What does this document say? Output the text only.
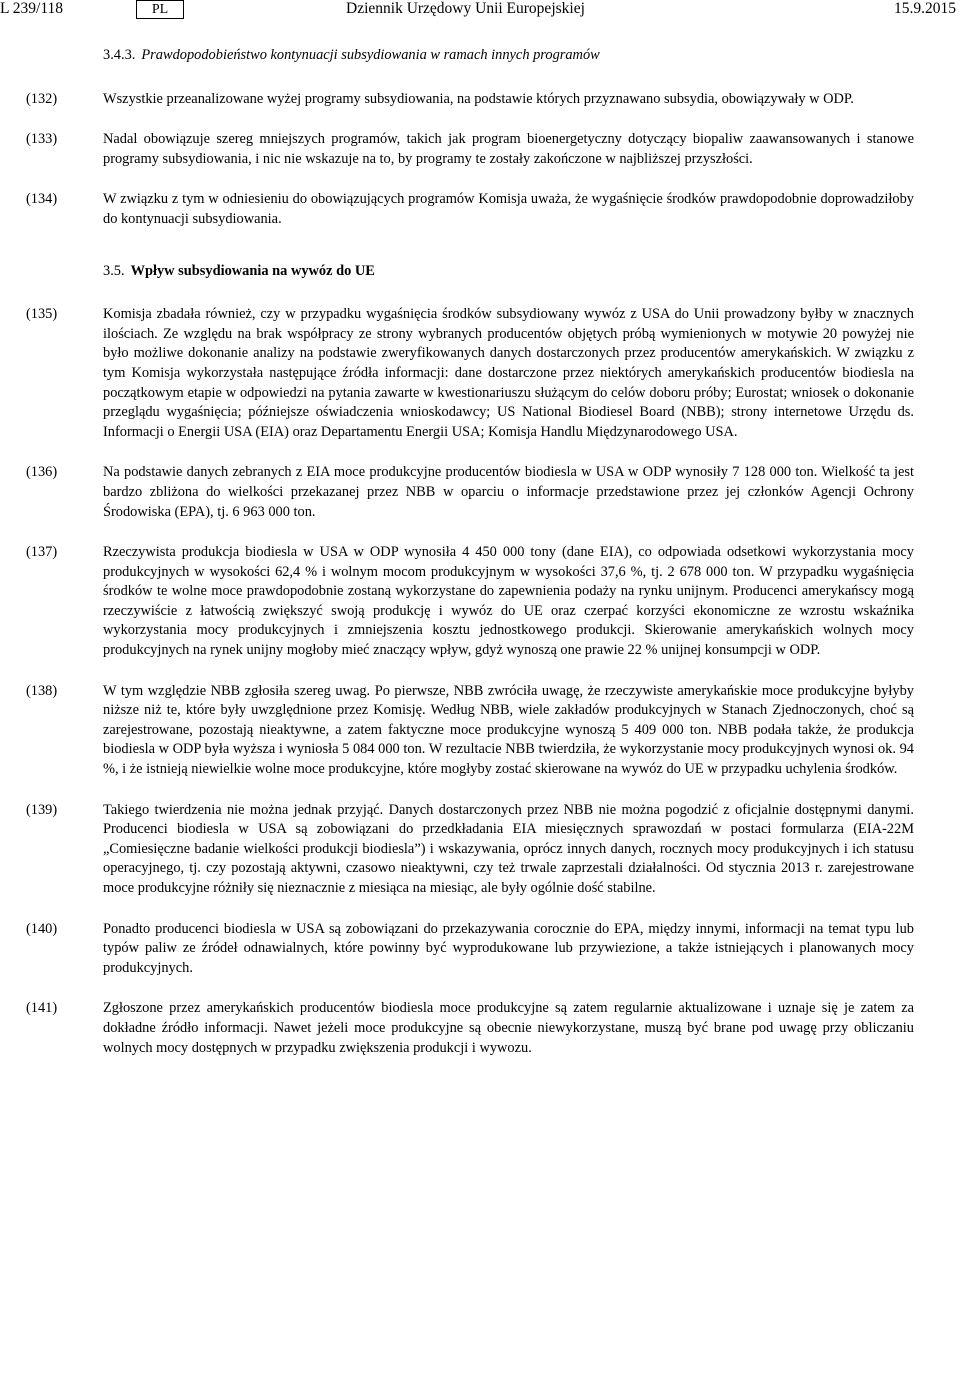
L 239/118	PL	Dziennik Urzędowy Unii Europejskiej	15.9.2015
3.4.3. Prawdopodobieństwo kontynuacji subsydiowania w ramach innych programów
(132)	Wszystkie przeanalizowane wyżej programy subsydiowania, na podstawie których przyznawano subsydia, obowiązywały w ODP.
(133)	Nadal obowiązuje szereg mniejszych programów, takich jak program bioenergetyczny dotyczący biopaliw zaawansowanych i stanowe programy subsydiowania, i nic nie wskazuje na to, by programy te zostały zakończone w najbliższej przyszłości.
(134)	W związku z tym w odniesieniu do obowiązujących programów Komisja uważa, że wygaśnięcie środków prawdopodobnie doprowadziłoby do kontynuacji subsydiowania.
3.5. Wpływ subsydiowania na wywóz do UE
(135)	Komisja zbadała również, czy w przypadku wygaśnięcia środków subsydiowany wywóz z USA do Unii prowadzony byłby w znacznych ilościach. Ze względu na brak współpracy ze strony wybranych producentów objętych próbą wymienionych w motywie 20 powyżej nie było możliwe dokonanie analizy na podstawie zweryfikowanych danych dostarczonych przez producentów amerykańskich. W związku z tym Komisja wykorzystała następujące źródła informacji: dane dostarczone przez niektórych amerykańskich producentów biodiesla na początkowym etapie w odpowiedzi na pytania zawarte w kwestionariuszu służącym do celów doboru próby; Eurostat; wniosek o dokonanie przeglądu wygaśnięcia; późniejsze oświadczenia wnioskodawcy; US National Biodiesel Board (NBB); strony internetowe Urzędu ds. Informacji o Energii USA (EIA) oraz Departamentu Energii USA; Komisja Handlu Międzynarodowego USA.
(136)	Na podstawie danych zebranych z EIA moce produkcyjne producentów biodiesla w USA w ODP wynosiły 7 128 000 ton. Wielkość ta jest bardzo zbliżona do wielkości przekazanej przez NBB w oparciu o informacje przedstawione przez jej członków Agencji Ochrony Środowiska (EPA), tj. 6 963 000 ton.
(137)	Rzeczywista produkcja biodiesla w USA w ODP wynosiła 4 450 000 tony (dane EIA), co odpowiada odsetkowi wykorzystania mocy produkcyjnych w wysokości 62,4 % i wolnym mocom produkcyjnym w wysokości 37,6 %, tj. 2 678 000 ton. W przypadku wygaśnięcia środków te wolne moce prawdopodobnie zostaną wykorzystane do zapewnienia podaży na rynku unijnym. Producenci amerykańscy mogą rzeczywiście z łatwością zwiększyć swoją produkcję i wywóz do UE oraz czerpać korzyści ekonomiczne ze wzrostu wskaźnika wykorzystania mocy produkcyjnych i zmniejszenia kosztu jednostkowego produkcji. Skierowanie amerykańskich wolnych mocy produkcyjnych na rynek unijny mogłoby mieć znaczący wpływ, gdyż wynoszą one prawie 22 % unijnej konsumpcji w ODP.
(138)	W tym względzie NBB zgłosiła szereg uwag. Po pierwsze, NBB zwróciła uwagę, że rzeczywiste amerykańskie moce produkcyjne byłyby niższe niż te, które były uwzględnione przez Komisję. Według NBB, wiele zakładów produkcyjnych w Stanach Zjednoczonych, choć są zarejestrowane, pozostają nieaktywne, a zatem faktyczne moce produkcyjne wynoszą 5 409 000 ton. NBB podała także, że produkcja biodiesla w ODP była wyższa i wyniosła 5 084 000 ton. W rezultacie NBB twierdziła, że wykorzystanie mocy produkcyjnych wynosi ok. 94 %, i że istnieją niewielkie wolne moce produkcyjne, które mogłyby zostać skierowane na wywóz do UE w przypadku uchylenia środków.
(139)	Takiego twierdzenia nie można jednak przyjąć. Danych dostarczonych przez NBB nie można pogodzić z oficjalnie dostępnymi danymi. Producenci biodiesla w USA są zobowiązani do przedkładania EIA miesięcznych sprawozdań w postaci formularza (EIA-22M „Comiesięczne badanie wielkości produkcji biodiesla”) i wskazywania, oprócz innych danych, rocznych mocy produkcyjnych i ich statusu operacyjnego, tj. czy pozostają aktywni, czasowo nieaktywni, czy też trwale zaprzestali działalności. Od stycznia 2013 r. zarejestrowane moce produkcyjne różniły się nieznacznie z miesiąca na miesiąc, ale były ogólnie dość stabilne.
(140)	Ponadto producenci biodiesla w USA są zobowiązani do przekazywania corocznie do EPA, między innymi, informacji na temat typu lub typów paliw ze źródeł odnawialnych, które powinny być wyprodukowane lub przywiezione, a także istniejących i planowanych mocy produkcyjnych.
(141)	Zgłoszone przez amerykańskich producentów biodiesla moce produkcyjne są zatem regularnie aktualizowane i uznaje się je zatem za dokładne źródło informacji. Nawet jeżeli moce produkcyjne są obecnie niewykorzystane, muszą być brane pod uwagę przy obliczaniu wolnych mocy dostępnych w przypadku zwiększenia produkcji i wywozu.
